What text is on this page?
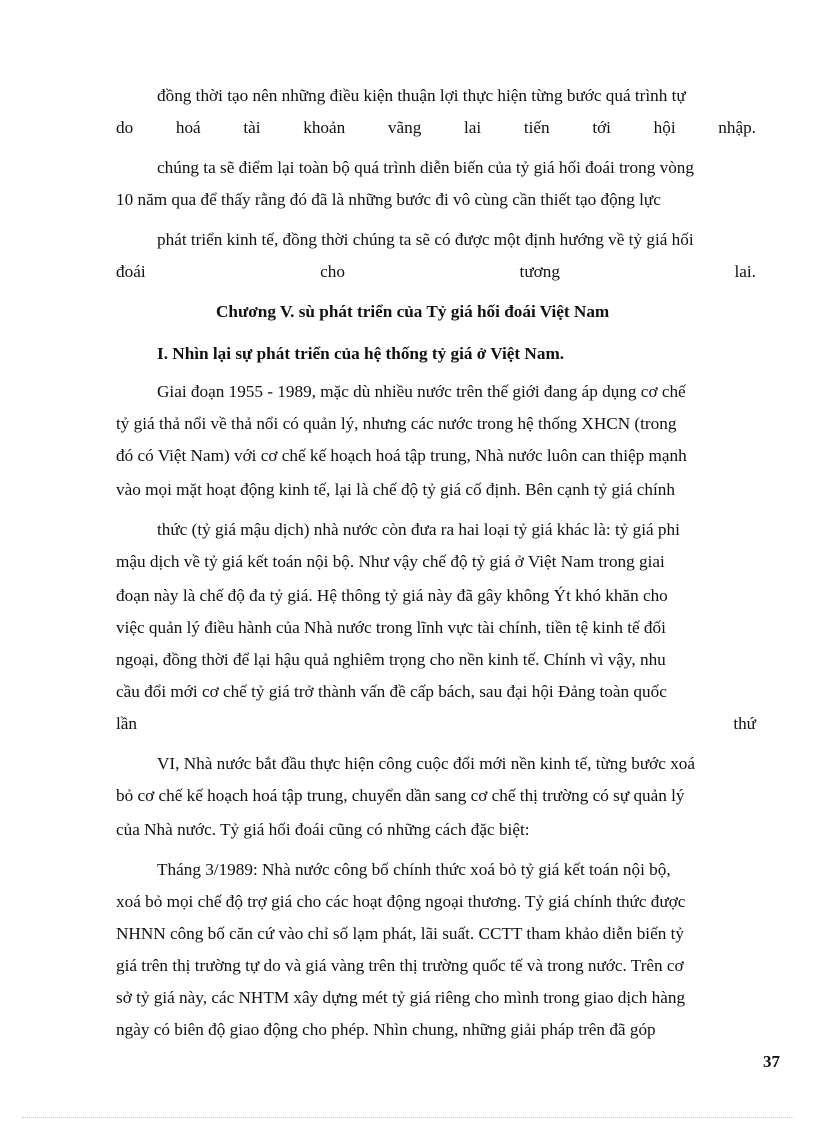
đồng thời tạo nên những điều kiện thuận lợi thực hiện từng bước quá trình tự
do hoá tài khoản vãng lai tiến tới hội nhập.
chúng ta sẽ điểm lại toàn bộ quá trình diễn biến của tỷ giá hối đoái trong vòng
10 năm qua để thấy rằng đó đã là những bước đi vô cùng cần thiết tạo động lực
phát triển kinh tế, đồng thời chúng ta sẽ có được một định hướng về tỷ giá hối
đoái	cho	tương	lai.
Chương V. sù phát triển của Tỷ giá hối đoái Việt Nam
I. Nhìn lại sự phát triển của hệ thống tỷ giá ở Việt Nam.
Giai đoạn 1955 - 1989, mặc dù nhiều nước trên thế giới đang áp dụng cơ chế
tỷ giá thả nổi về thả nổi có quản lý, nhưng các nước trong hệ thống XHCN (trong
đó có Việt Nam) với cơ chế kế hoạch hoá tập trung, Nhà nước luôn can thiệp mạnh
vào mọi mặt hoạt động kinh tế, lại là chế độ tỷ giá cố định. Bên cạnh tỷ giá chính
thức (tỷ giá mậu dịch) nhà nước còn đưa ra hai loại tỷ giá khác là: tỷ giá phi
mậu dịch về tỷ giá kết toán nội bộ. Như vậy chế độ tỷ giá ở Việt Nam trong giai
đoạn này là chế độ đa tỷ giá. Hệ thông tỷ giá này đã gây không Ýt khó khăn cho
việc quản lý điều hành của Nhà nước trong lĩnh vực tài chính, tiền tệ kinh tế đối
ngoại, đồng thời để lại hậu quả nghiêm trọng cho nền kinh tế. Chính vì vậy, nhu
cầu đổi mới cơ chế tỷ giá trở thành vấn đề cấp bách, sau đại hội Đảng toàn quốc
lần	thứ
VI, Nhà nước bắt đầu thực hiện công cuộc đổi mới nền kinh tế, từng bước xoá
bỏ cơ chế kế hoạch hoá tập trung, chuyển dần sang cơ chế thị trường có sự quản lý
của Nhà nước. Tỷ giá hối đoái cũng có những cách đặc biệt:
Tháng 3/1989: Nhà nước công bố chính thức xoá bỏ tỷ giá kết toán nội bộ,
xoá bỏ mọi chế độ trợ giá cho các hoạt động ngoại thương. Tỷ giá chính thức được
NHNN công bố căn cứ vào chỉ số lạm phát, lãi suất. CCTT tham khảo diễn biến tỷ
giá trên thị trường tự do và giá vàng trên thị trường quốc tế và trong nước. Trên cơ
sở tỷ giá này, các NHTM xây dựng mét tỷ giá riêng cho mình trong giao dịch hàng
ngày có biên độ giao động cho phép. Nhìn chung, những giải pháp trên đã góp
37
